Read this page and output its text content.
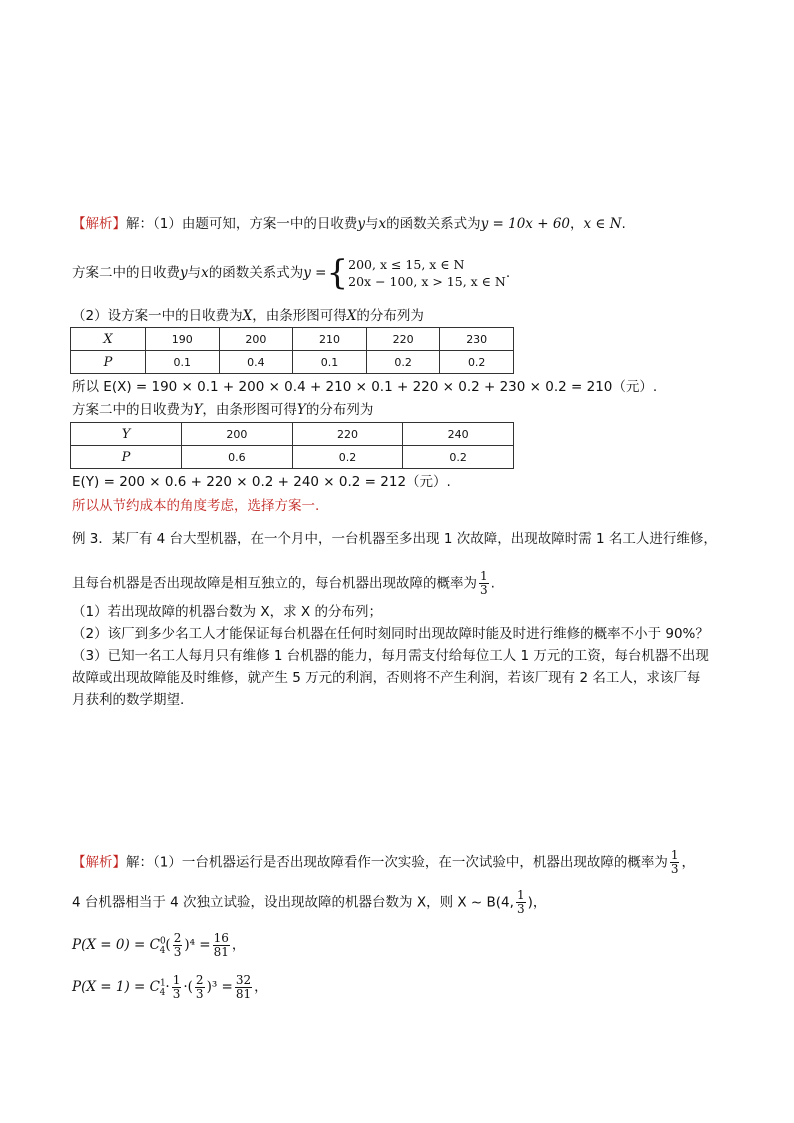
【解析】解：（1）由题可知，方案一中的日收费y与x的函数关系式为y = 10x + 60，x ∈ N.
方案二中的日收费y与x的函数关系式为y ={ 200, x ≤ 15, x ∈ N
20x − 100, x > 15, x ∈ N
.
（2）设方案一中的日收费为X，由条形图可得X的分布列为
X	190	200	210	220	230
P	0.1	0.4	0.1	0.2	0.2
所以 E(X) = 190 × 0.1 + 200 × 0.4 + 210 × 0.1 + 220 × 0.2 + 230 × 0.2 = 210（元）.
方案二中的日收费为Y，由条形图可得Y的分布列为
Y	200	220	240
P	0.6	0.2	0.2
E(Y) = 200 × 0.6 + 220 × 0.2 + 240 × 0.2 = 212（元）.
所以从节约成本的角度考虑，选择方案一.
例 3．某厂有 4 台大型机器，在一个月中，一台机器至多出现 1 次故障，出现故障时需 1 名工人进行维修，
且每台机器是否出现故障是相互独立的，每台机器出现故障的概率为 $\frac{1}{3}$ .
（1）若出现故障的机器台数为 X，求 X 的分布列；
（2）该厂到多少名工人才能保证每台机器在任何时刻同时出现故障时能及时进行维修的概率不小于 90%？
（3）已知一名工人每月只有维修 1 台机器的能力，每月需支付给每位工人 1 万元的工资，每台机器不出现
故障或出现故障能及时维修，就产生 5 万元的利润，否则将不产生利润，若该厂现有 2 名工人，求该厂每
月获利的数学期望.
【解析】解：（1）一台机器运行是否出现故障看作一次实验，在一次试验中，机器出现故障的概率为 $\frac{1}{3}$ ，
4 台机器相当于 4 次独立试验，设出现故障的机器台数为 X，则 X ~ B(4, $\frac{1}{3}$ )，
$P(X = 0) = C^0_4( \frac{2}{3} )^4 = \frac{16}{81}$ ，
$P(X = 1) = C^1_4\cdot \frac{1}{3}$ ·( $\frac{2}{3} )^3 = \frac{32}{81}$ ，
